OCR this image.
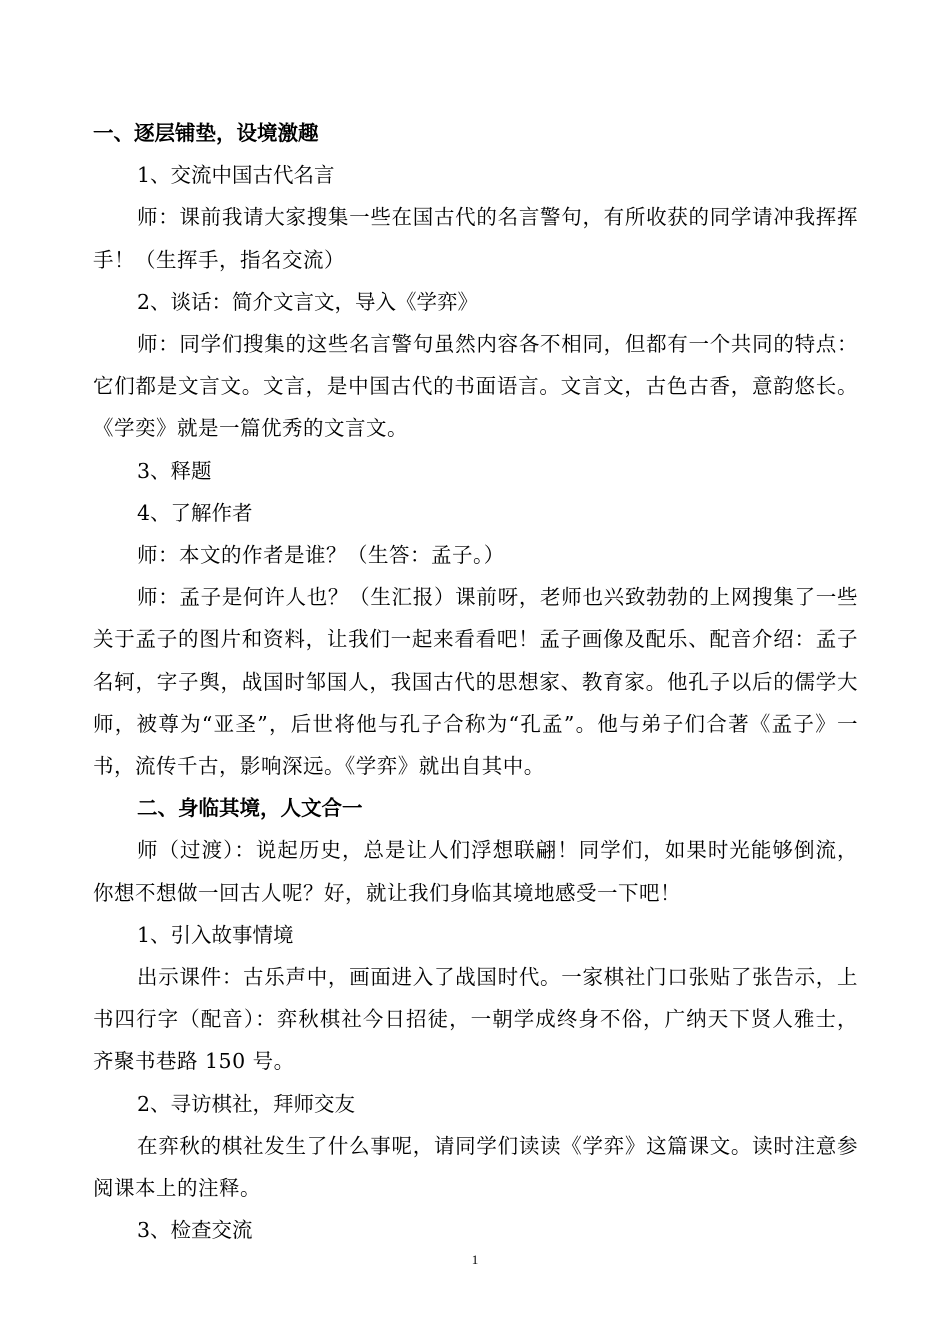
一、逐层铺垫，设境激趣

1、交流中国古代名言

师：课前我请大家搜集一些在国古代的名言警句，有所收获的同学请冲我挥挥手！（生挥手，指名交流）

2、谈话：简介文言文，导入《学弈》

师：同学们搜集的这些名言警句虽然内容各不相同，但都有一个共同的特点：它们都是文言文。文言，是中国古代的书面语言。文言文，古色古香，意韵悠长。《学奕》就是一篇优秀的文言文。

3、释题

4、了解作者

师：本文的作者是谁？（生答：孟子。）

师：孟子是何许人也？（生汇报）课前呀，老师也兴致勃勃的上网搜集了一些关于孟子的图片和资料，让我们一起来看看吧！孟子画像及配乐、配音介绍：孟子名轲，字子舆，战国时邹国人，我国古代的思想家、教育家。他孔子以后的儒学大师，被尊为“亚圣”，后世将他与孔子合称为“孔孟”。他与弟子们合著《孟子》一书，流传千古，影响深远。《学弈》就出自其中。

二、身临其境，人文合一

师（过渡）：说起历史，总是让人们浮想联翩！同学们，如果时光能够倒流，你想不想做一回古人呢？好，就让我们身临其境地感受一下吧！

1、引入故事情境

出示课件：古乐声中，画面进入了战国时代。一家棋社门口张贴了张告示，上书四行字（配音）：弈秋棋社今日招徒，一朝学成终身不俗，广纳天下贤人雅士，齐聚书巷路 150 号。

2、寻访棋社，拜师交友

在弈秋的棋社发生了什么事呢，请同学们读读《学弈》这篇课文。读时注意参阅课本上的注释。

3、检查交流

1
